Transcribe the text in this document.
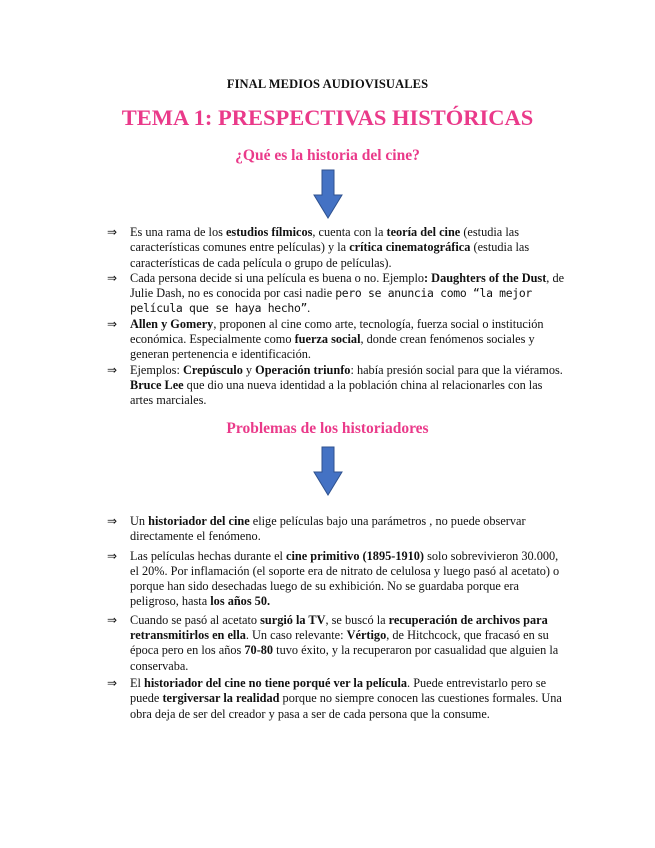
FINAL MEDIOS AUDIOVISUALES
TEMA 1: PRESPECTIVAS HISTÓRICAS
¿Qué es la historia del cine?
⇒ Es una rama de los estudios fílmicos, cuenta con la teoría del cine (estudia las características comunes entre películas) y la crítica cinematográfica (estudia las características de cada película o grupo de películas).
⇒ Cada persona decide si una película es buena o no. Ejemplo: Daughters of the Dust, de Julie Dash, no es conocida por casi nadie pero se anuncia como “la mejor película que se haya hecho”.
⇒ Allen y Gomery, proponen al cine como arte, tecnología, fuerza social o institución económica. Especialmente como fuerza social, donde crean fenómenos sociales y generan pertenencia e identificación.
⇒ Ejemplos: Crepúsculo y Operación triunfo: había presión social para que la viéramos. Bruce Lee que dio una nueva identidad a la población china al relacionarles con las artes marciales.
Problemas de los historiadores
⇒ Un historiador del cine elige películas bajo una parámetros , no puede observar directamente el fenómeno.
⇒ Las películas hechas durante el cine primitivo (1895-1910) solo sobrevivieron 30.000, el 20%. Por inflamación (el soporte era de nitrato de celulosa y luego pasó al acetato) o porque han sido desechadas luego de su exhibición. No se guardaba porque era peligroso, hasta los años 50.
⇒ Cuando se pasó al acetato surgió la TV, se buscó la recuperación de archivos para retransmitirlos en ella. Un caso relevante: Vértigo, de Hitchcock, que fracasó en su época pero en los años 70-80 tuvo éxito, y la recuperaron por casualidad que alguien la conservaba.
⇒ El historiador del cine no tiene porqué ver la película. Puede entrevistarlo pero se puede tergiversar la realidad porque no siempre conocen las cuestiones formales. Una obra deja de ser del creador y pasa a ser de cada persona que la consume.
